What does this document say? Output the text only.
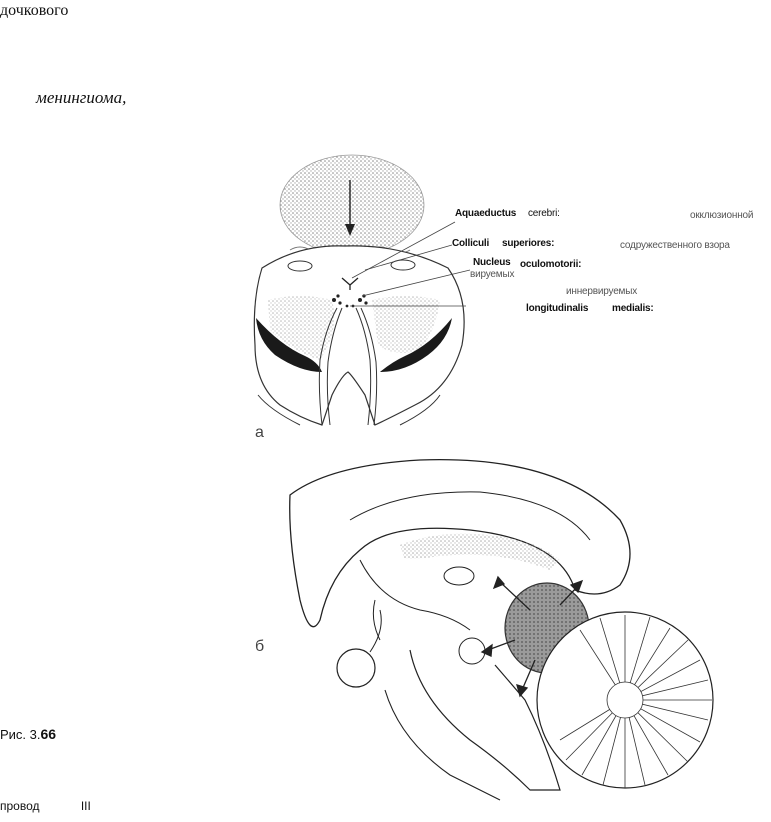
дочкового
менингиома,
Рис. 3.66
провод	III
а
б
Aquaeductus cerebri:	окклюзионной
Colliculi superiores:	содружественного взора
Nucleus oculomotorii:
вируемых
иннервируемых
longitudinalis medialis:
